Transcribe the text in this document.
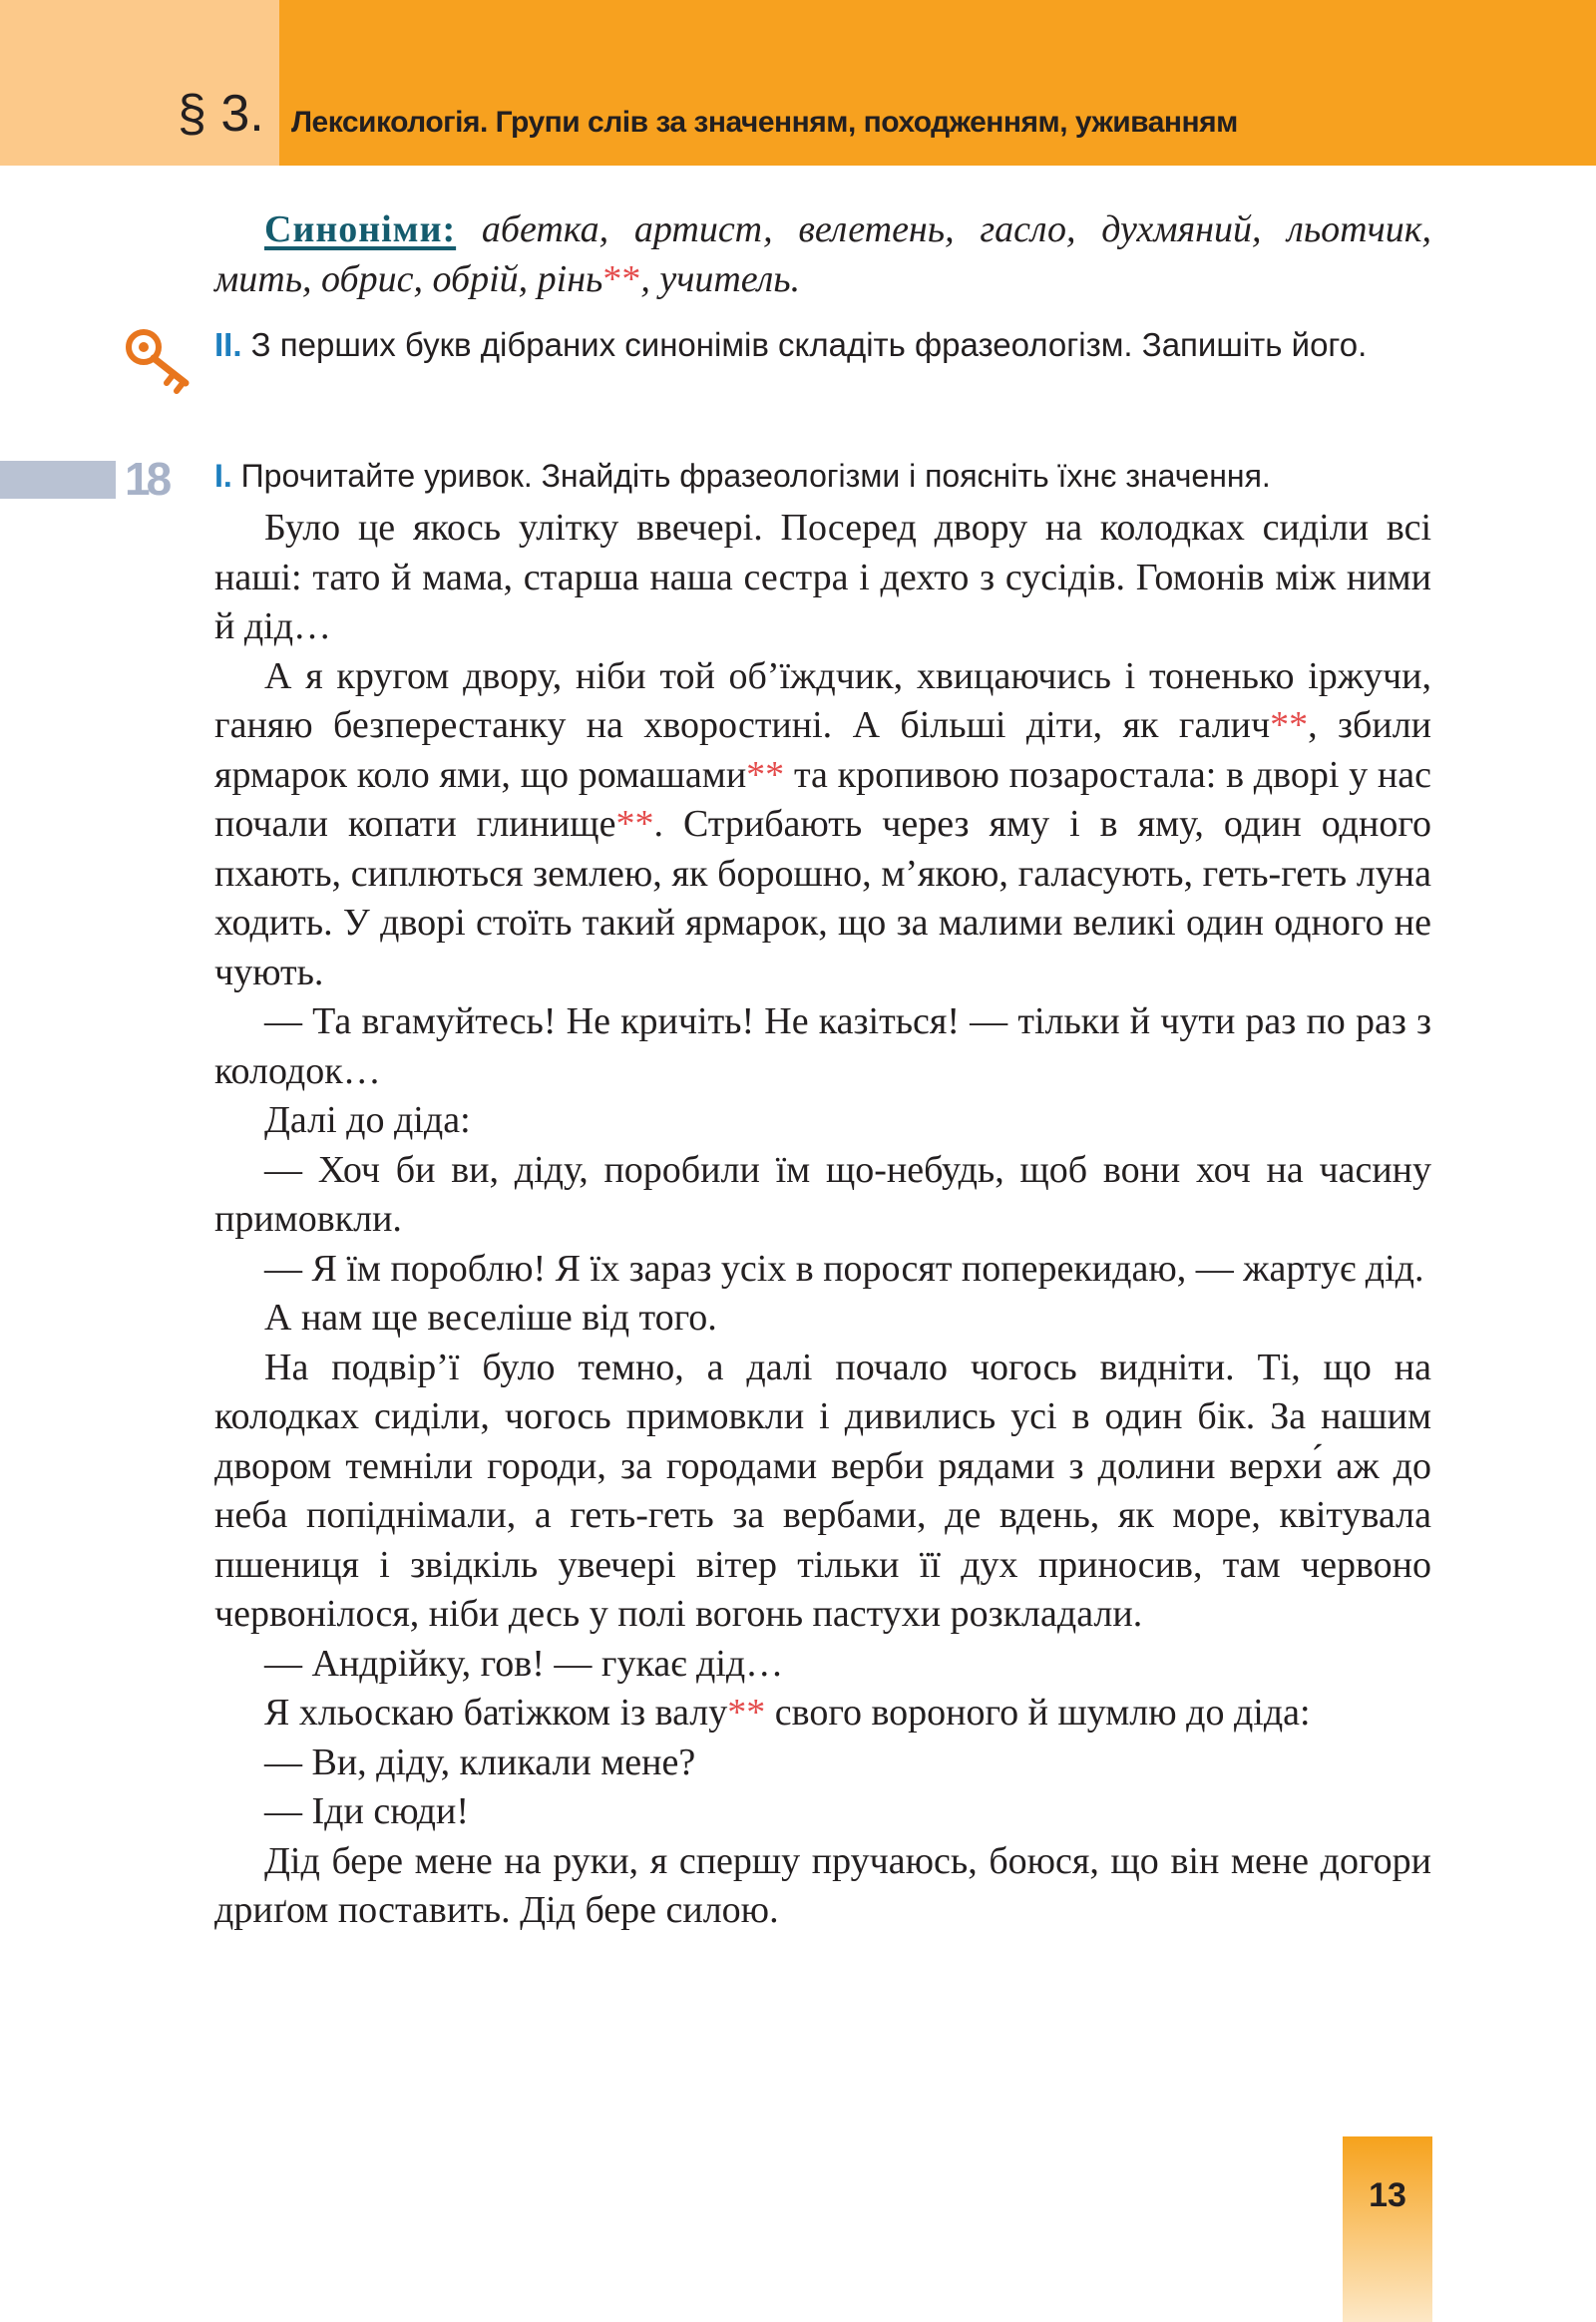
§ 3. Лексикологія. Групи слів за значенням, походженням, уживанням

Синоніми: абетка, артист, велетень, гасло, духмяний, льотчик, мить, обрис, обрій, рінь**, учитель.

II. З перших букв дібраних синонімів складіть фразеологізм. Запишіть його.

18 I. Прочитайте уривок. Знайдіть фразеологізми і поясніть їхнє значення.

Було це якось улітку ввечері. Посеред двору на колодках сиділи всі наші: тато й мама, старша наша сестра і дехто з сусідів. Гомонів між ними й дід…

А я кругом двору, ніби той об’їждчик, хвицаючись і тоненько іржучи, ганяю безперестанку на хворостині. А більші діти, як галич**, збили ярмарок коло ями, що ромашами** та кропивою позаростала: в дворі у нас почали копати глинище**. Стрибають через яму і в яму, один одного пхають, сиплються землею, як борошно, м’якою, галасують, геть-геть луна ходить. У дворі стоїть такий ярмарок, що за малими великі один одного не чують.

— Та вгамуйтесь! Не кричіть! Не казіться! — тільки й чути раз по раз з колодок…

Далі до діда:

— Хоч би ви, діду, поробили їм що-небудь, щоб вони хоч на часину примовкли.

— Я їм пороблю! Я їх зараз усіх в поросят поперекидаю, — жартує дід.

А нам ще веселіше від того.

На подвір’ї було темно, а далі почало чогось видніти. Ті, що на колодках сиділи, чогось примовкли і дивились усі в один бік. За нашим двором темніли городи, за городами верби рядами з долини верхи́ аж до неба попіднімали, а геть-геть за вербами, де вдень, як море, квітувала пшениця і звідкіль увечері вітер тільки її дух приносив, там червоно червонілося, ніби десь у полі вогонь пастухи розкладали.

— Андрійку, гов! — гукає дід…

Я хльоскаю батіжком із валу** свого вороного й шумлю до діда:

— Ви, діду, кликали мене?

— Іди сюди!

Дід бере мене на руки, я спершу пручаюсь, боюся, що він мене догори дриґом поставить. Дід бере силою.

13
